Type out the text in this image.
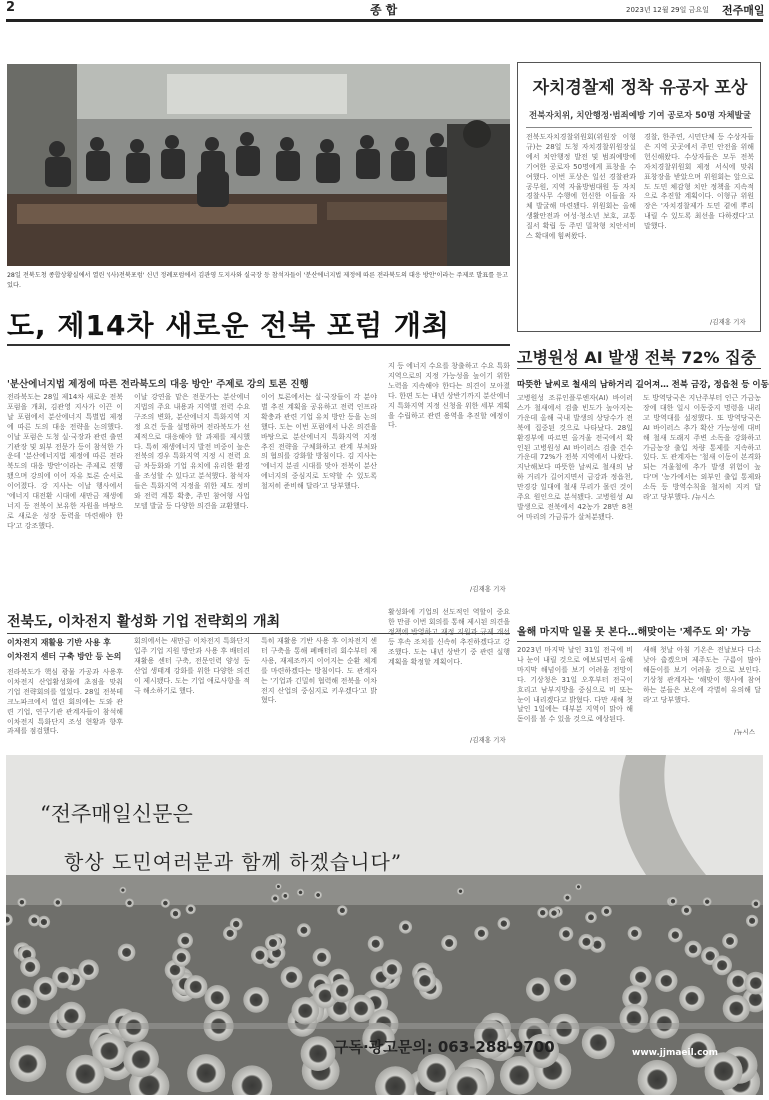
2	종합	2023년 12월 29일 금요일 전주매일
28일 전북도청 종합상황실에서 열린 '(사)전북포럼' 신년 정례포럼에서 김관영 도지사와 실국장 등 참석자들이 '분산에너지법 제정에 따른 전라북도의 대응 방안'이라는 주제로 발표를 듣고 있다.
자치경찰제 정착 유공자 포상
전북자치위, 치안행정·범죄예방 기여 공로자 50명 자체발굴

전북도자치경찰위원회(위원장 이형규)는 28일 도청 자치경찰위원장실에서 치안행정 발전 및 범죄예방에 기여한 공로자 50명에게 표창을 수여했다. 이번 포상은 일선 경찰관과 공무원, 지역 자율방범대원 등 자치경찰사무 수행에 헌신한 이들을 자체 발굴해 마련됐다. 위원회는 올해 생활안전과 여성·청소년 보호, 교통질서 확립 등 주민 밀착형 치안서비스 확대에 힘써왔다.

경찰, 한주연, 시민단체 등 수상자들은 지역 곳곳에서 주민 안전을 위해 헌신해왔다. 수상자들은 모두 전북자치경찰위원회 제정 서식에 맞춰 표창장을 받았으며 위원회는 앞으로도 도민 체감형 치안 정책을 지속적으로 추진할 계획이다. 이형규 위원장은 '자치경찰제가 도민 곁에 뿌리내릴 수 있도록 최선을 다하겠다'고 말했다.

/김재홍 기자
도, 제14차 새로운 전북 포럼 개최
'분산에너지법 제정에 따른 전라북도의 대응 방안' 주제로 강의 토론 진행

전라북도는 28일 제14차 새로운 전북 포럼을 개최, 김관영 지사가 이끈 이 날 포럼에서 분산에너지 특별법 제정에 따른 도의 대응 전략을 논의했다. 이날 포럼은 도청 실·국장과 관련 출연기관장 및 외부 전문가 등이 참석한 가운데 '분산에너지법 제정에 따른 전라북도의 대응 방안'이라는 주제로 진행됐으며 강의에 이어 자유 토론 순서로 이어졌다. 강 지사는 이날 행사에서 '에너지 대전환 시대에 새만금 재생에너지 등 전북이 보유한 자원을 바탕으로 새로운 성장 동력을 마련해야 한다'고 강조했다.

이날 강연을 맡은 전문가는 분산에너지법의 주요 내용과 지역별 전력 수요 구조의 변화, 분산에너지 특화지역 지정 요건 등을 설명하며 전라북도가 선제적으로 대응해야 할 과제를 제시했다. 특히 재생에너지 발전 비중이 높은 전북의 경우 특화지역 지정 시 전력 요금 차등화와 기업 유치에 유리한 환경을 조성할 수 있다고 분석했다. 참석자들은 특화지역 지정을 위한 제도 정비와 전력 계통 확충, 주민 참여형 사업 모델 발굴 등 다양한 의견을 교환했다.

이어 토론에서는 실·국장들이 각 분야별 추진 계획을 공유하고 전력 인프라 확충과 관련 기업 유치 방안 등을 논의했다. 도는 이번 포럼에서 나온 의견을 바탕으로 분산에너지 특화지역 지정 추진 전략을 구체화하고 관계 부처와의 협의를 강화할 방침이다. 김 지사는 '에너지 분권 시대를 맞아 전북이 분산에너지의 중심지로 도약할 수 있도록 철저히 준비해 달라'고 당부했다.

지 등 에너지 수요를 창출하고 수요 특화 지역으로의 지정 가능성을 높이기 위한 노력을 지속해야 한다는 의견이 모아졌다. 한편 도는 내년 상반기까지 분산에너지 특화지역 지정 신청을 위한 세부 계획을 수립하고 관련 용역을 추진할 예정이다.

/김재홍 기자
고병원성 AI 발생 전북 72% 집중
따뜻한 날씨로 철새의 남하거리 길어져… 전북 금강, 정읍천 등 이동

고병원성 조류인플루엔자(AI) 바이러스가 철새에서 검출 빈도가 높아지는 가운데 올해 국내 발생의 상당수가 전북에 집중된 것으로 나타났다. 28일 환경부에 따르면 올겨울 전국에서 확인된 고병원성 AI 바이러스 검출 건수 가운데 72%가 전북 지역에서 나왔다. 지난해보다 따뜻한 날씨로 철새의 남하 거리가 길어지면서 금강과 정읍천, 만경강 일대에 철새 무리가 몰린 것이 주요 원인으로 분석됐다. 고병원성 AI 발생으로 전북에서 42농가 28만 8천여 마리의 가금류가 살처분됐다.

도 방역당국은 지난주부터 인근 가금농장에 대한 일시 이동중지 명령을 내리고 방역대를 설정했다. 또 방역당국은 AI 바이러스 추가 확산 가능성에 대비해 철새 도래지 주변 소독을 강화하고 가금농장 출입 차량 통제를 지속하고 있다. 도 관계자는 '철새 이동이 본격화되는 겨울철에 추가 발생 위험이 높다'며 '농가에서는 외부인 출입 통제와 소독 등 방역수칙을 철저히 지켜 달라'고 당부했다. /뉴시스

전북도, 이차전지 활성화 기업 전략회의 개최
이차전지 재활용 기반 사용 후
이차전지 센터 구축 방안 등 논의

전라북도가 핵심 광물 가공과 사용후 이차전지 산업활성화에 초점을 맞춰 기업 전략회의를 열었다. 28일 전북테크노파크에서 열린 회의에는 도와 관련 기업, 연구기관 관계자들이 참석해 이차전지 특화단지 조성 현황과 향후 과제를 점검했다.

회의에서는 새만금 이차전지 특화단지 입주 기업 지원 방안과 사용 후 배터리 재활용 센터 구축, 전문인력 양성 등 산업 생태계 강화를 위한 다양한 의견이 제시됐다. 도는 기업 애로사항을 적극 해소하기로 했다.

특히 재활용 기반 사용 후 이차전지 센터 구축을 통해 폐배터리 회수부터 재사용, 재제조까지 이어지는 순환 체계를 마련하겠다는 방침이다. 도 관계자는 '기업과 긴밀히 협력해 전북을 이차전지 산업의 중심지로 키우겠다'고 밝혔다.

활성화에 기업의 선도적인 역할이 중요한 만큼 이번 회의를 통해 제시된 의견을 정책에 반영하고 재정 지원과 규제 개선 등 후속 조치를 신속히 추진하겠다고 강조했다. 도는 내년 상반기 중 관련 실행 계획을 확정할 계획이다.

/김재홍 기자
올해 마지막 일몰 못 본다…해맞이는 '제주도 외' 가능

2023년 마지막 날인 31일 전국에 비나 눈이 내릴 것으로 예보되면서 올해 마지막 해넘이를 보기 어려울 전망이다. 기상청은 31일 오후부터 전국이 흐리고 남부지방을 중심으로 비 또는 눈이 내리겠다고 밝혔다. 다만 새해 첫날인 1일에는 대부분 지역이 맑아 해돋이를 볼 수 있을 것으로 예상된다.

새해 첫날 아침 기온은 전날보다 다소 낮아 춥겠으며 제주도는 구름이 많아 해돋이를 보기 어려울 것으로 보인다. 기상청 관계자는 '해맞이 행사에 참여하는 분들은 보온에 각별히 유의해 달라'고 당부했다.

/뉴시스
“전주매일신문은
항상 도민여러분과 함께 하겠습니다”
구독·광고문의: 063-288-9700	www.jjmaeil.com
